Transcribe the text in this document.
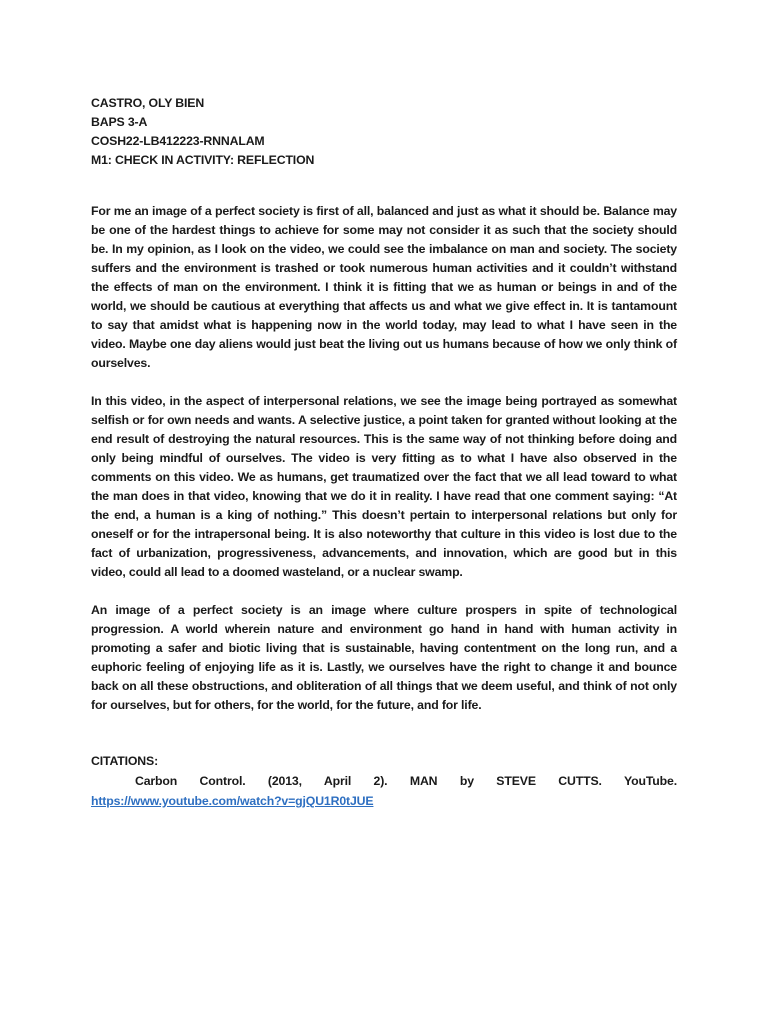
CASTRO, OLY BIEN
BAPS 3-A
COSH22-LB412223-RNNALAM
M1: CHECK IN ACTIVITY: REFLECTION

For me an image of a perfect society is first of all, balanced and just as what it should be. Balance may be one of the hardest things to achieve for some may not consider it as such that the society should be. In my opinion, as I look on the video, we could see the imbalance on man and society. The society suffers and the environment is trashed or took numerous human activities and it couldn’t withstand the effects of man on the environment. I think it is fitting that we as human or beings in and of the world, we should be cautious at everything that affects us and what we give effect in. It is tantamount to say that amidst what is happening now in the world today, may lead to what I have seen in the video. Maybe one day aliens would just beat the living out us humans because of how we only think of ourselves.

In this video, in the aspect of interpersonal relations, we see the image being portrayed as somewhat selfish or for own needs and wants. A selective justice, a point taken for granted without looking at the end result of destroying the natural resources. This is the same way of not thinking before doing and only being mindful of ourselves. The video is very fitting as to what I have also observed in the comments on this video. We as humans, get traumatized over the fact that we all lead toward to what the man does in that video, knowing that we do it in reality. I have read that one comment saying: “At the end, a human is a king of nothing.” This doesn’t pertain to interpersonal relations but only for oneself or for the intrapersonal being. It is also noteworthy that culture in this video is lost due to the fact of urbanization, progressiveness, advancements, and innovation, which are good but in this video, could all lead to a doomed wasteland, or a nuclear swamp.

An image of a perfect society is an image where culture prospers in spite of technological progression. A world wherein nature and environment go hand in hand with human activity in promoting a safer and biotic living that is sustainable, having contentment on the long run, and a euphoric feeling of enjoying life as it is. Lastly, we ourselves have the right to change it and bounce back on all these obstructions, and obliteration of all things that we deem useful, and think of not only for ourselves, but for others, for the world, for the future, and for life.

CITATIONS:
Carbon Control. (2013, April 2). MAN by STEVE CUTTS. YouTube.
https://www.youtube.com/watch?v=gjQU1R0tJUE
